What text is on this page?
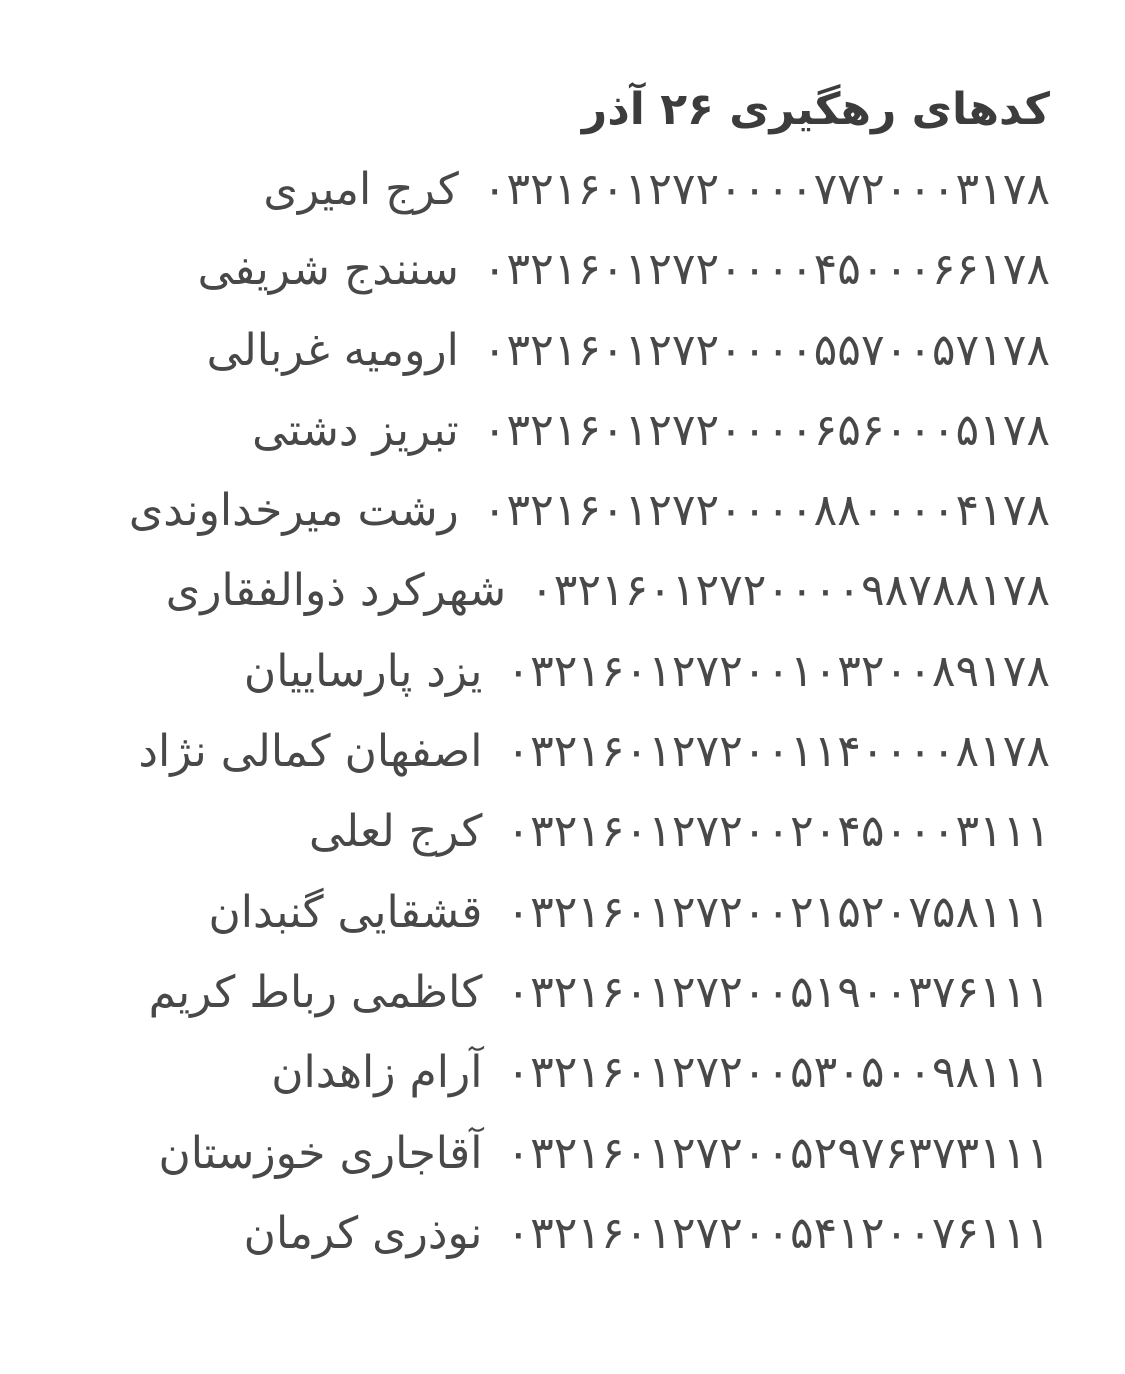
کدهای رهگیری ۲۶ آذر
۰۳۲۱۶۰۱۲۷۲۰۰۰۰۷۷۲۰۰۰۳۱۷۸کرج امیری
۰۳۲۱۶۰۱۲۷۲۰۰۰۰۴۵۰۰۰۶۶۱۷۸سنندج شریفی
۰۳۲۱۶۰۱۲۷۲۰۰۰۰۵۵۷۰۰۵۷۱۷۸ارومیه غربالی
۰۳۲۱۶۰۱۲۷۲۰۰۰۰۶۵۶۰۰۰۵۱۷۸تبریز دشتی
۰۳۲۱۶۰۱۲۷۲۰۰۰۰۸۸۰۰۰۰۴۱۷۸رشت میرخداوندی
۰۳۲۱۶۰۱۲۷۲۰۰۰۰۹۸۷۸۸۱۷۸شهرکرد ذوالفقاری
۰۳۲۱۶۰۱۲۷۲۰۰۱۰۳۲۰۰۸۹۱۷۸یزد پارساییان
۰۳۲۱۶۰۱۲۷۲۰۰۱۱۴۰۰۰۰۸۱۷۸اصفهان کمالی نژاد
۰۳۲۱۶۰۱۲۷۲۰۰۲۰۴۵۰۰۰۳۱۱۱کرج لعلی
۰۳۲۱۶۰۱۲۷۲۰۰۲۱۵۲۰۷۵۸۱۱۱قشقایی گنبدان
۰۳۲۱۶۰۱۲۷۲۰۰۵۱۹۰۰۳۷۶۱۱۱کاظمی رباط کریم
۰۳۲۱۶۰۱۲۷۲۰۰۵۳۰۵۰۰۹۸۱۱۱آرام زاهدان
۰۳۲۱۶۰۱۲۷۲۰۰۵۲۹۷۶۳۷۳۱۱۱آقاجاری خوزستان
۰۳۲۱۶۰۱۲۷۲۰۰۵۴۱۲۰۰۷۶۱۱۱نوذری کرمان
